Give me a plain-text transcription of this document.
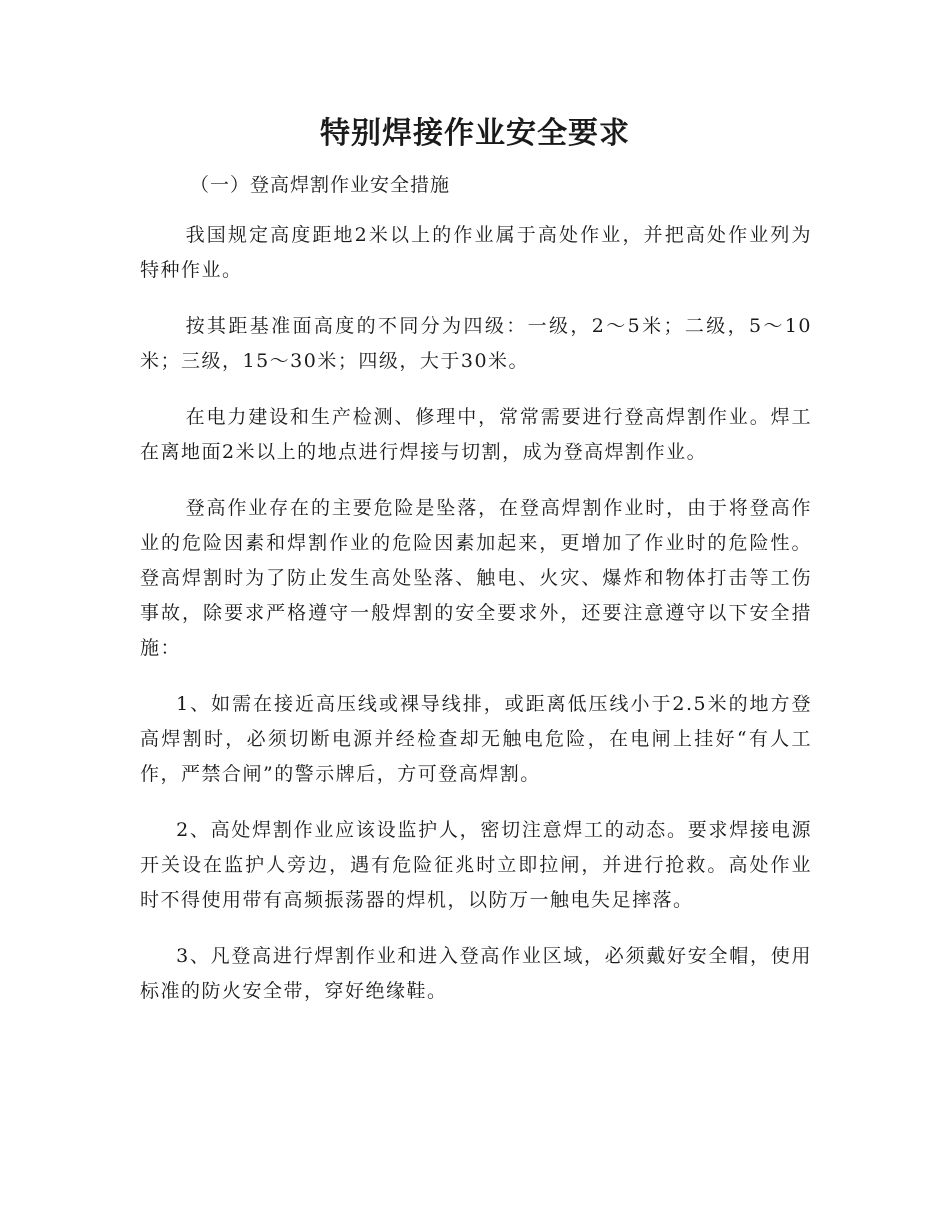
特别焊接作业安全要求
（一）登高焊割作业安全措施

我国规定高度距地2米以上的作业属于高处作业，并把高处作业列为特种作业。

按其距基准面高度的不同分为四级：一级，2～5米；二级，5～10米；三级，15～30米；四级，大于30米。

在电力建设和生产检测、修理中，常常需要进行登高焊割作业。焊工在离地面2米以上的地点进行焊接与切割，成为登高焊割作业。

登高作业存在的主要危险是坠落，在登高焊割作业时，由于将登高作业的危险因素和焊割作业的危险因素加起来，更增加了作业时的危险性。登高焊割时为了防止发生高处坠落、触电、火灾、爆炸和物体打击等工伤事故，除要求严格遵守一般焊割的安全要求外，还要注意遵守以下安全措施：

1、如需在接近高压线或裸导线排，或距离低压线小于2.5米的地方登高焊割时，必须切断电源并经检查却无触电危险，在电闸上挂好“有人工作，严禁合闸”的警示牌后，方可登高焊割。

2、高处焊割作业应该设监护人，密切注意焊工的动态。要求焊接电源开关设在监护人旁边，遇有危险征兆时立即拉闸，并进行抢救。高处作业时不得使用带有高频振荡器的焊机，以防万一触电失足摔落。

3、凡登高进行焊割作业和进入登高作业区域，必须戴好安全帽，使用标准的防火安全带，穿好绝缘鞋。
